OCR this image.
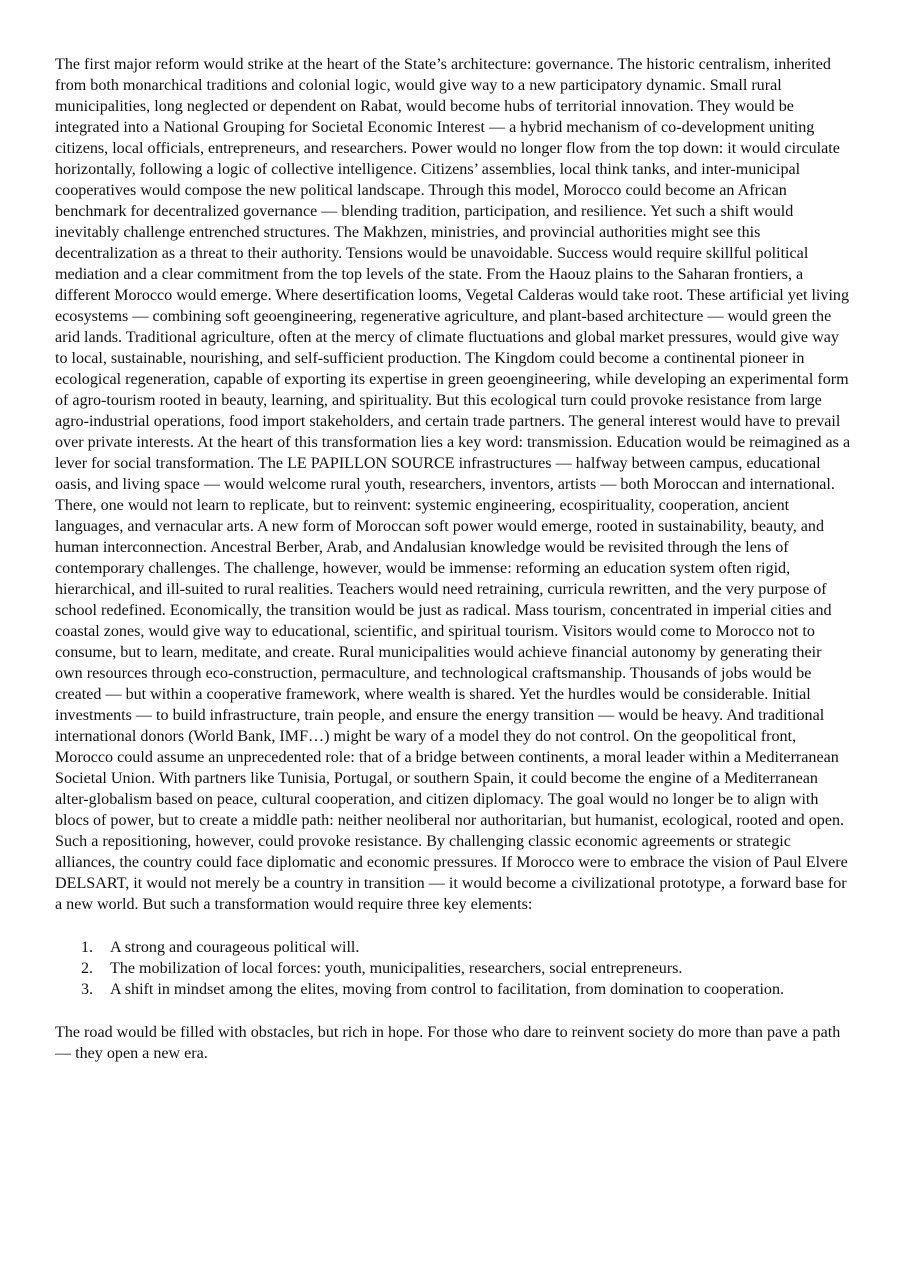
The first major reform would strike at the heart of the State’s architecture: governance. The historic centralism, inherited from both monarchical traditions and colonial logic, would give way to a new participatory dynamic. Small rural municipalities, long neglected or dependent on Rabat, would become hubs of territorial innovation. They would be integrated into a National Grouping for Societal Economic Interest — a hybrid mechanism of co-development uniting citizens, local officials, entrepreneurs, and researchers. Power would no longer flow from the top down: it would circulate horizontally, following a logic of collective intelligence. Citizens’ assemblies, local think tanks, and inter-municipal cooperatives would compose the new political landscape. Through this model, Morocco could become an African benchmark for decentralized governance — blending tradition, participation, and resilience. Yet such a shift would inevitably challenge entrenched structures. The Makhzen, ministries, and provincial authorities might see this decentralization as a threat to their authority. Tensions would be unavoidable. Success would require skillful political mediation and a clear commitment from the top levels of the state. From the Haouz plains to the Saharan frontiers, a different Morocco would emerge. Where desertification looms, Vegetal Calderas would take root. These artificial yet living ecosystems — combining soft geoengineering, regenerative agriculture, and plant-based architecture — would green the arid lands. Traditional agriculture, often at the mercy of climate fluctuations and global market pressures, would give way to local, sustainable, nourishing, and self-sufficient production. The Kingdom could become a continental pioneer in ecological regeneration, capable of exporting its expertise in green geoengineering, while developing an experimental form of agro-tourism rooted in beauty, learning, and spirituality. But this ecological turn could provoke resistance from large agro-industrial operations, food import stakeholders, and certain trade partners. The general interest would have to prevail over private interests. At the heart of this transformation lies a key word: transmission. Education would be reimagined as a lever for social transformation. The LE PAPILLON SOURCE infrastructures — halfway between campus, educational oasis, and living space — would welcome rural youth, researchers, inventors, artists — both Moroccan and international. There, one would not learn to replicate, but to reinvent: systemic engineering, ecospirituality, cooperation, ancient languages, and vernacular arts. A new form of Moroccan soft power would emerge, rooted in sustainability, beauty, and human interconnection. Ancestral Berber, Arab, and Andalusian knowledge would be revisited through the lens of contemporary challenges. The challenge, however, would be immense: reforming an education system often rigid, hierarchical, and ill-suited to rural realities. Teachers would need retraining, curricula rewritten, and the very purpose of school redefined. Economically, the transition would be just as radical. Mass tourism, concentrated in imperial cities and coastal zones, would give way to educational, scientific, and spiritual tourism. Visitors would come to Morocco not to consume, but to learn, meditate, and create. Rural municipalities would achieve financial autonomy by generating their own resources through eco-construction, permaculture, and technological craftsmanship. Thousands of jobs would be created — but within a cooperative framework, where wealth is shared. Yet the hurdles would be considerable. Initial investments — to build infrastructure, train people, and ensure the energy transition — would be heavy. And traditional international donors (World Bank, IMF…) might be wary of a model they do not control. On the geopolitical front, Morocco could assume an unprecedented role: that of a bridge between continents, a moral leader within a Mediterranean Societal Union. With partners like Tunisia, Portugal, or southern Spain, it could become the engine of a Mediterranean alter-globalism based on peace, cultural cooperation, and citizen diplomacy. The goal would no longer be to align with blocs of power, but to create a middle path: neither neoliberal nor authoritarian, but humanist, ecological, rooted and open. Such a repositioning, however, could provoke resistance. By challenging classic economic agreements or strategic alliances, the country could face diplomatic and economic pressures. If Morocco were to embrace the vision of Paul Elvere DELSART, it would not merely be a country in transition — it would become a civilizational prototype, a forward base for a new world. But such a transformation would require three key elements:

1. A strong and courageous political will.
2. The mobilization of local forces: youth, municipalities, researchers, social entrepreneurs.
3. A shift in mindset among the elites, moving from control to facilitation, from domination to cooperation.

The road would be filled with obstacles, but rich in hope. For those who dare to reinvent society do more than pave a path — they open a new era.
